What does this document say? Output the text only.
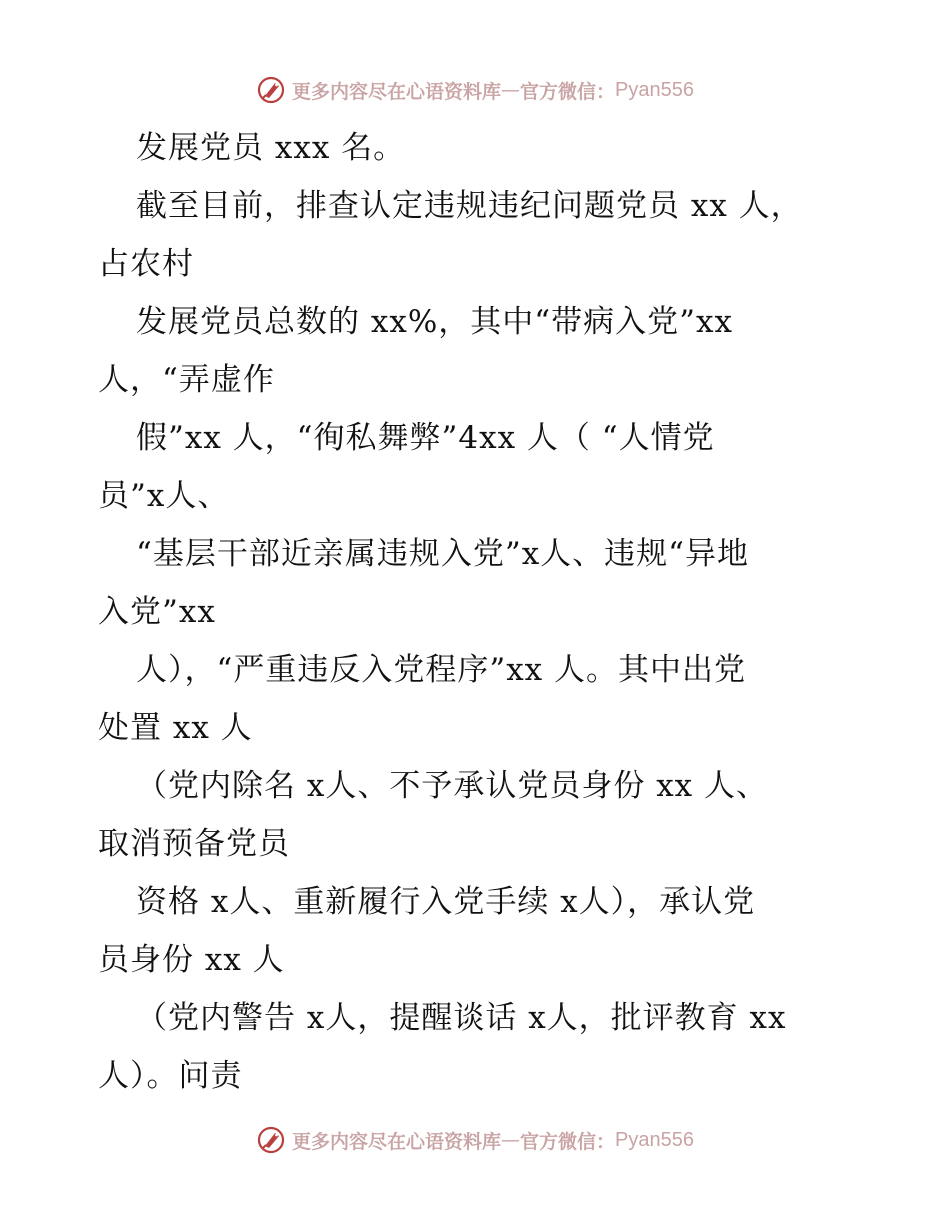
更多内容尽在心语资料库 — 官方微信： Pyan556
发展党员 xxx 名。
截至目前，排查认定违规违纪问题党员 xx 人，
占农村
发展党员总数的 xx%，其中“带病入党”xx
人，“弄虚作
假”xx 人，“徇私舞弊”4xx 人（ “人情党
员”x人、
“基层干部近亲属违规入党”x人、违规“异地
入党”xx
人），“严重违反入党程序”xx 人。其中出党
处置 xx 人
（党内除名 x人、不予承认党员身份 xx 人、
取消预备党员
资格 x人、重新履行入党手续 x人），承认党
员身份 xx 人
（党内警告 x人，提醒谈话 x人，批评教育 xx
人）。问责
更多内容尽在心语资料库 — 官方微信： Pyan556
